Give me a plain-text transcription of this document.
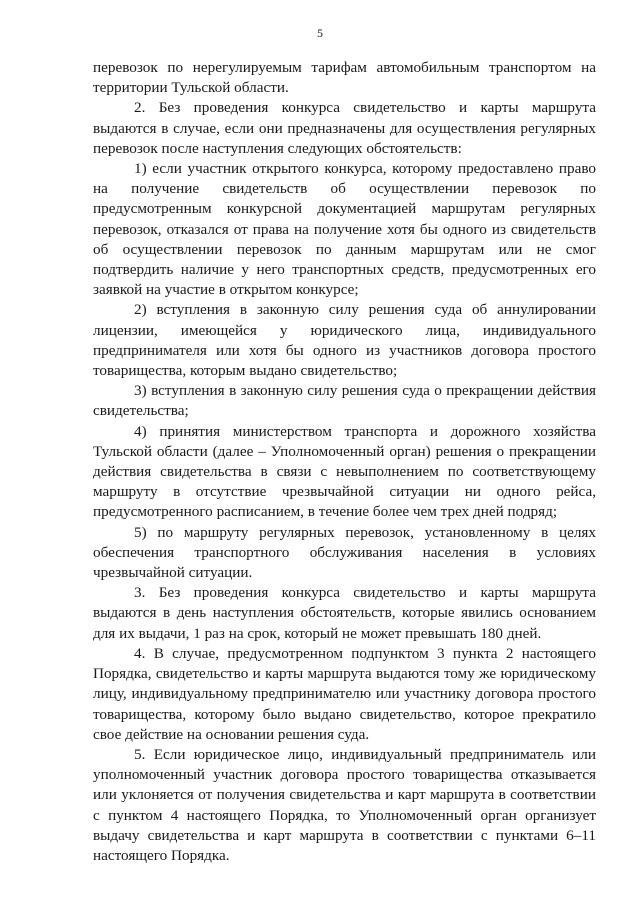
5

перевозок по нерегулируемым тарифам автомобильным транспортом на территории Тульской области.

2. Без проведения конкурса свидетельство и карты маршрута выдаются в случае, если они предназначены для осуществления регулярных перевозок после наступления следующих обстоятельств:

1) если участник открытого конкурса, которому предоставлено право на получение свидетельств об осуществлении перевозок по предусмотренным конкурсной документацией маршрутам регулярных перевозок, отказался от права на получение хотя бы одного из свидетельств об осуществлении перевозок по данным маршрутам или не смог подтвердить наличие у него транспортных средств, предусмотренных его заявкой на участие в открытом конкурсе;

2) вступления в законную силу решения суда об аннулировании лицензии, имеющейся у юридического лица, индивидуального предпринимателя или хотя бы одного из участников договора простого товарищества, которым выдано свидетельство;

3) вступления в законную силу решения суда о прекращении действия свидетельства;

4) принятия министерством транспорта и дорожного хозяйства Тульской области (далее – Уполномоченный орган) решения о прекращении действия свидетельства в связи с невыполнением по соответствующему маршруту в отсутствие чрезвычайной ситуации ни одного рейса, предусмотренного расписанием, в течение более чем трех дней подряд;

5) по маршруту регулярных перевозок, установленному в целях обеспечения транспортного обслуживания населения в условиях чрезвычайной ситуации.

3. Без проведения конкурса свидетельство и карты маршрута выдаются в день наступления обстоятельств, которые явились основанием для их выдачи, 1 раз на срок, который не может превышать 180 дней.

4. В случае, предусмотренном подпунктом 3 пункта 2 настоящего Порядка, свидетельство и карты маршрута выдаются тому же юридическому лицу, индивидуальному предпринимателю или участнику договора простого товарищества, которому было выдано свидетельство, которое прекратило свое действие на основании решения суда.

5. Если юридическое лицо, индивидуальный предприниматель или уполномоченный участник договора простого товарищества отказывается или уклоняется от получения свидетельства и карт маршрута в соответствии с пунктом 4 настоящего Порядка, то Уполномоченный орган организует выдачу свидетельства и карт маршрута в соответствии с пунктами 6–11 настоящего Порядка.
